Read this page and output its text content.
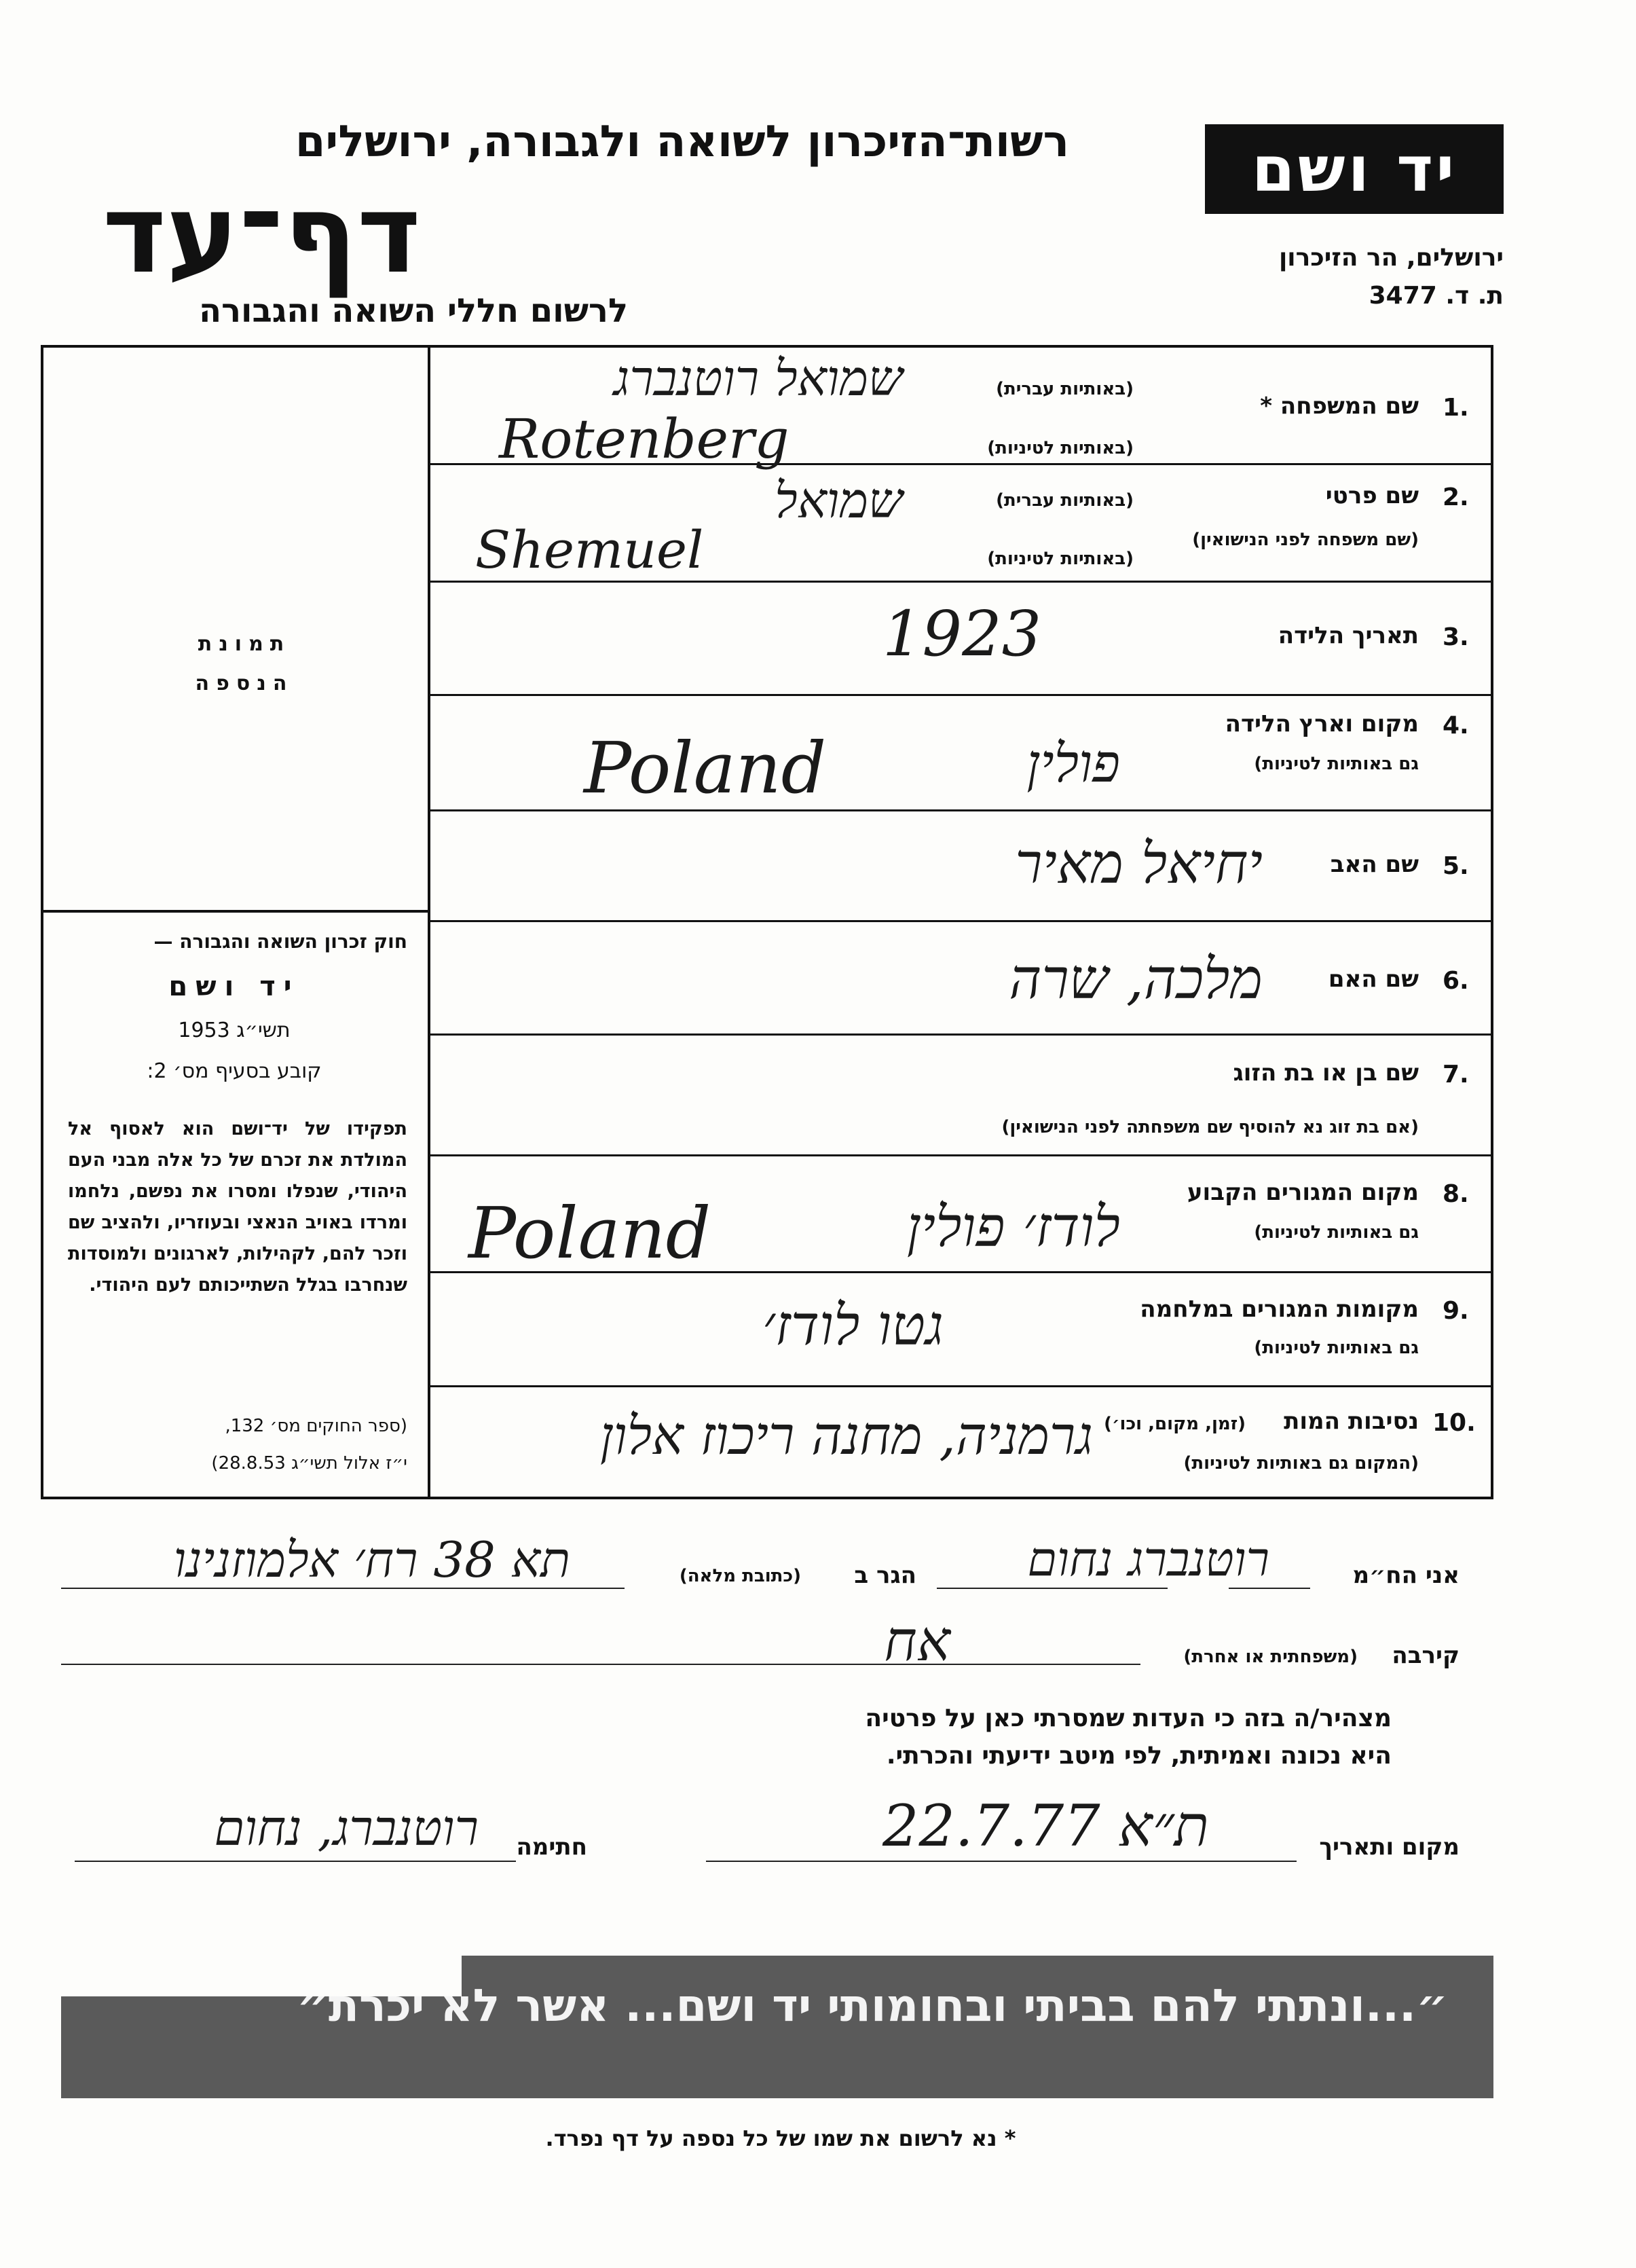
יד ושם
ירושלים, הר הזיכרון
ת. ד. 3477
רשות־הזיכרון לשואה ולגבורה, ירושלים
דף־עד
לרשום חללי השואה והגבורה
תמונת
הנספה
חוק זכרון השואה והגבורה —
יד ושם
תשי״ג 1953
קובע בסעיף מס׳ 2:
תפקידו של יד־ושם הוא לאסוף אל המולדת את זכרם של כל אלה מבני העם היהודי, שנפלו ומסרו את נפשם, נלחמו ומרדו באויב הנאצי ובעוזריו, ולהציב שם וזכר להם, לקהילות, לארגונים ולמוסדות שנחרבו בגלל השתייכותם לעם היהודי.
(ספר החוקים מס׳ 132,
י״ז אלול תשי״ג 28.8.53)
1.
שם המשפחה *
(באותיות עברית)
(באותיות לטיניות)
שמואל רוטנברג
Rotenberg
2.
שם פרטי
(שם משפחה לפני הנישואין)
(באותיות עברית)
(באותיות לטיניות)
שמואל
Shemuel
3.
תאריך הלידה
1923
4.
מקום וארץ הלידה
גם באותיות לטיניות)
Poland	פולין
5.
שם האב
יחיאל מאיר
6.
שם האם
מלכה, שרה
7.
שם בן או בת הזוג
(אם בת זוג נא להוסיף שם משפחתה לפני הנישואין)
8.
מקום המגורים הקבוע
גם באותיות לטיניות)
Poland	לודז׳ פולין
9.
מקומות המגורים במלחמה
גם באותיות לטיניות)
גטו לודז׳
10.
נסיבות המות
(זמן, מקום, וכו׳)
(המקום גם באותיות לטיניות)
גרמניה, מחנה ריכוז אלון
אני הח״מ
רוטנברג נחום
הגר ב
(כתובת מלאה)
תא 38 רח׳ אלמוזנינו
קירבה
(משפחתית או אחרת)
אח
מצהיר/ה בזה כי העדות שמסרתי כאן על פרטיה
היא נכונה ואמיתית, לפי מיטב ידיעתי והכרתי.
מקום ותאריך
22.7.77 ת״א
חתימה
רוטנברג, נחום
״...ונתתי להם בביתי ובחומותי יד ושם... אשר לא יכרת״
* נא לרשום את שמו של כל נספה על דף נפרד.
